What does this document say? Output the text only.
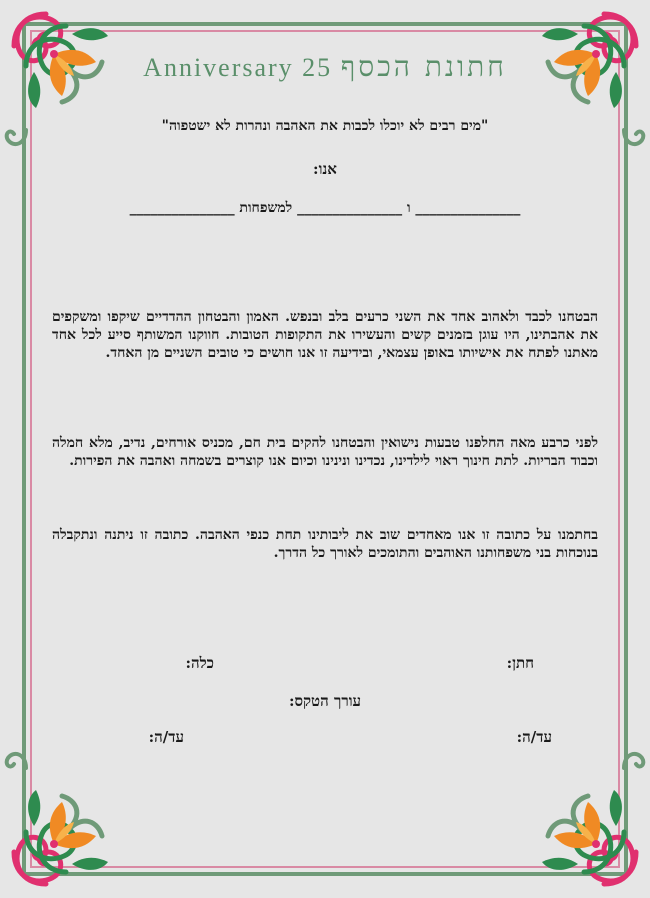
Anniversary 25 חתונת הכסף
"מים רבים לא יוכלו לכבות את האהבה ונהרות לא ישטפוה"
אנו:
_______________ ו _______________ למשפחות _______________
הבטחנו לכבד ולאהוב אחד את השני כרעים בלב ובנפש. האמון והבטחון ההדדיים שיקפו ומשקפים את אהבתינו, היו עוגן בזמנים קשים והעשירו את התקופות הטובות. חווקנו המשותף סייע לכל אחד מאתנו לפתח את אישיותו באופן עצמאי, ובידיעה זו אנו חושים כי טובים השניים מן האחד.
לפני כרבע מאה החלפנו טבעות נישואין והבטחנו להקים בית חם, מכניס אורחים, נדיב, מלא חמלה וכבוד הבריות. לתת חינוך ראוי לילדינו, נכדינו ונינינו וכיום אנו קוצרים בשמחה ואהבה את הפירות.
בחתמנו על כתובה זו אנו מאחדים שוב את ליבותינו תחת כנפי האהבה. כתובה זו ניתנה ונתקבלה בנוכחות בני משפחותנו האוהבים והתומכים לאורך כל הדרך.
חתן:
כלה:
עורך הטקס:
עד/ה:
עד/ה:
